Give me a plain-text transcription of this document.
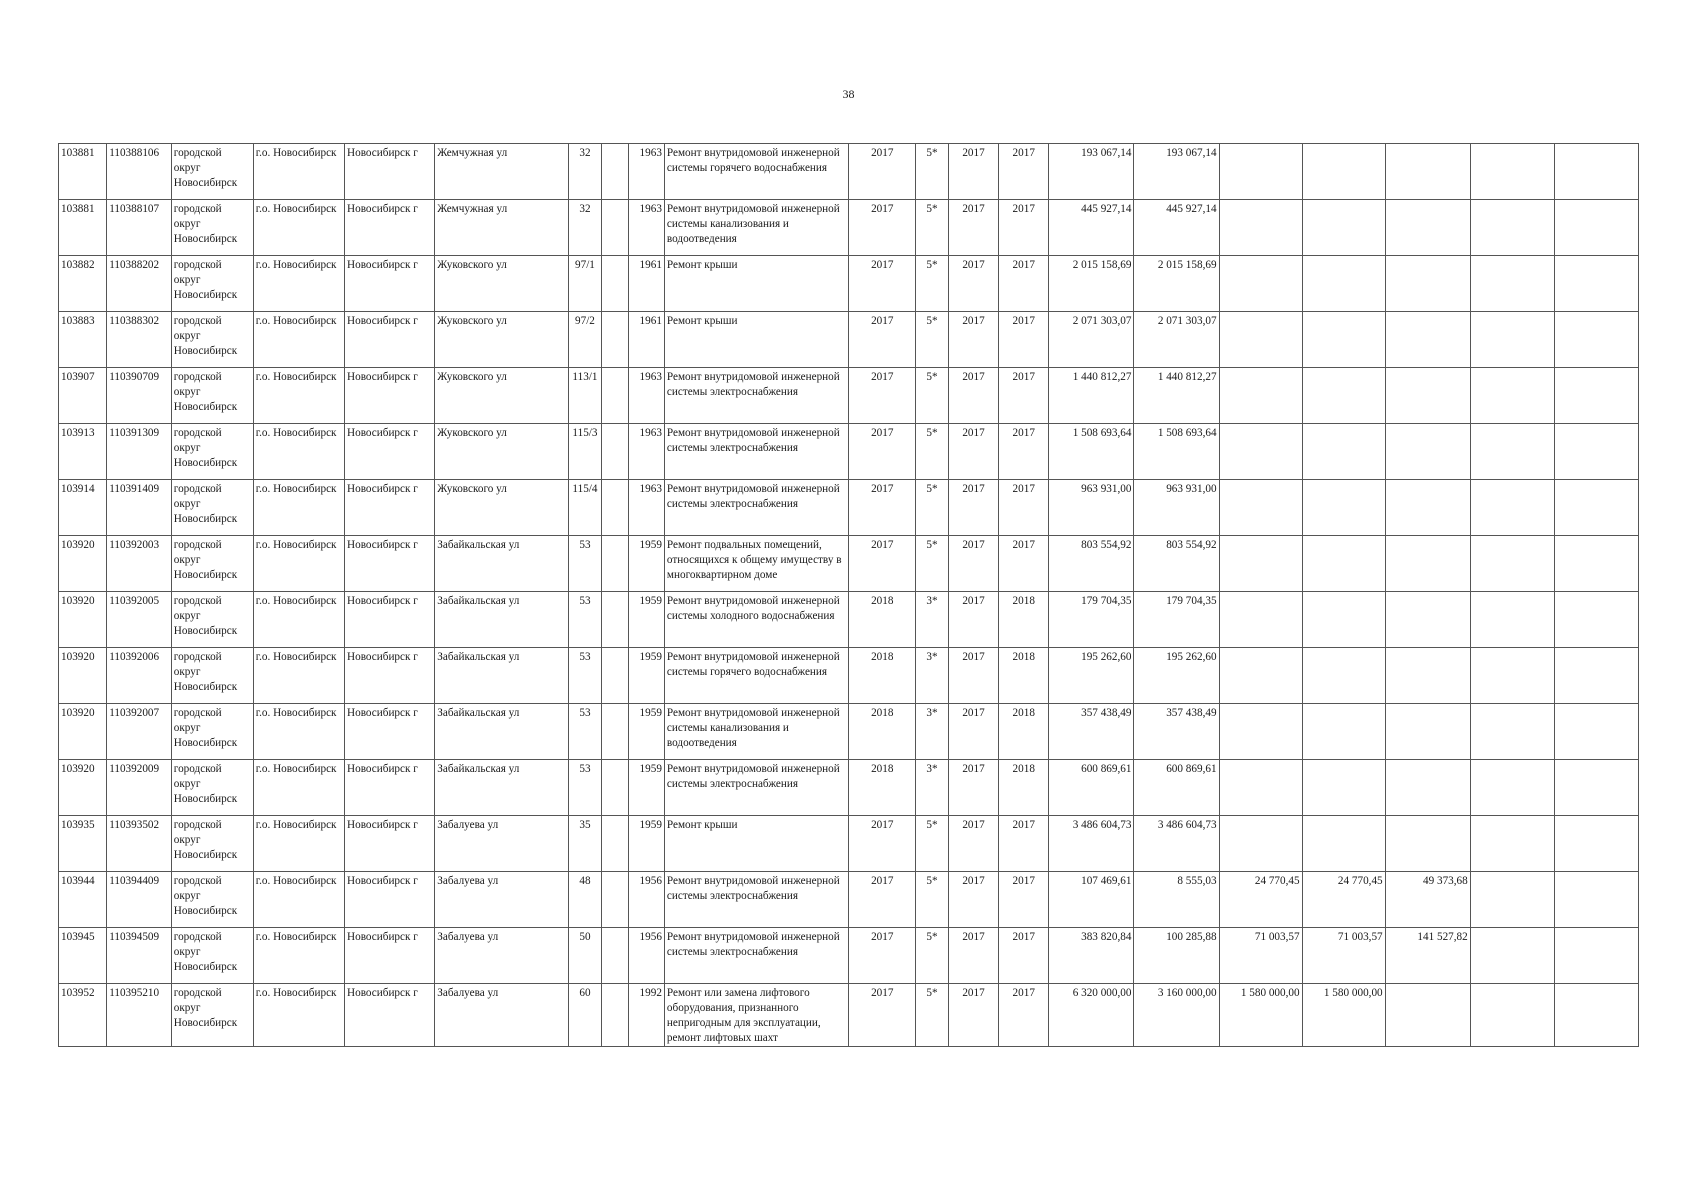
38
103881	110388106	городской округ Новосибирск	г.о. Новосибирск	Новосибирск г	Жемчужная ул	32		1963	Ремонт внутридомовой инженерной системы горячего водоснабжения	2017	5*	2017	2017	193 067,14	193 067,14					
103881	110388107	городской округ Новосибирск	г.о. Новосибирск	Новосибирск г	Жемчужная ул	32		1963	Ремонт внутридомовой инженерной системы канализования и водоотведения	2017	5*	2017	2017	445 927,14	445 927,14					
103882	110388202	городской округ Новосибирск	г.о. Новосибирск	Новосибирск г	Жуковского ул	97/1		1961	Ремонт крыши	2017	5*	2017	2017	2 015 158,69	2 015 158,69					
103883	110388302	городской округ Новосибирск	г.о. Новосибирск	Новосибирск г	Жуковского ул	97/2		1961	Ремонт крыши	2017	5*	2017	2017	2 071 303,07	2 071 303,07					
103907	110390709	городской округ Новосибирск	г.о. Новосибирск	Новосибирск г	Жуковского ул	113/1		1963	Ремонт внутридомовой инженерной системы электроснабжения	2017	5*	2017	2017	1 440 812,27	1 440 812,27					
103913	110391309	городской округ Новосибирск	г.о. Новосибирск	Новосибирск г	Жуковского ул	115/3		1963	Ремонт внутридомовой инженерной системы электроснабжения	2017	5*	2017	2017	1 508 693,64	1 508 693,64					
103914	110391409	городской округ Новосибирск	г.о. Новосибирск	Новосибирск г	Жуковского ул	115/4		1963	Ремонт внутридомовой инженерной системы электроснабжения	2017	5*	2017	2017	963 931,00	963 931,00					
103920	110392003	городской округ Новосибирск	г.о. Новосибирск	Новосибирск г	Забайкальская ул	53		1959	Ремонт подвальных помещений, относящихся к общему имуществу в многоквартирном доме	2017	5*	2017	2017	803 554,92	803 554,92					
103920	110392005	городской округ Новосибирск	г.о. Новосибирск	Новосибирск г	Забайкальская ул	53		1959	Ремонт внутридомовой инженерной системы холодного водоснабжения	2018	3*	2017	2018	179 704,35	179 704,35					
103920	110392006	городской округ Новосибирск	г.о. Новосибирск	Новосибирск г	Забайкальская ул	53		1959	Ремонт внутридомовой инженерной системы горячего водоснабжения	2018	3*	2017	2018	195 262,60	195 262,60					
103920	110392007	городской округ Новосибирск	г.о. Новосибирск	Новосибирск г	Забайкальская ул	53		1959	Ремонт внутридомовой инженерной системы канализования и водоотведения	2018	3*	2017	2018	357 438,49	357 438,49					
103920	110392009	городской округ Новосибирск	г.о. Новосибирск	Новосибирск г	Забайкальская ул	53		1959	Ремонт внутридомовой инженерной системы электроснабжения	2018	3*	2017	2018	600 869,61	600 869,61					
103935	110393502	городской округ Новосибирск	г.о. Новосибирск	Новосибирск г	Забалуева ул	35		1959	Ремонт крыши	2017	5*	2017	2017	3 486 604,73	3 486 604,73					
103944	110394409	городской округ Новосибирск	г.о. Новосибирск	Новосибирск г	Забалуева ул	48		1956	Ремонт внутридомовой инженерной системы электроснабжения	2017	5*	2017	2017	107 469,61	8 555,03	24 770,45	24 770,45	49 373,68		
103945	110394509	городской округ Новосибирск	г.о. Новосибирск	Новосибирск г	Забалуева ул	50		1956	Ремонт внутридомовой инженерной системы электроснабжения	2017	5*	2017	2017	383 820,84	100 285,88	71 003,57	71 003,57	141 527,82		
103952	110395210	городской округ Новосибирск	г.о. Новосибирск	Новосибирск г	Забалуева ул	60		1992	Ремонт или замена лифтового оборудования, признанного непригодным для эксплуатации, ремонт лифтовых шахт	2017	5*	2017	2017	6 320 000,00	3 160 000,00	1 580 000,00	1 580 000,00			
